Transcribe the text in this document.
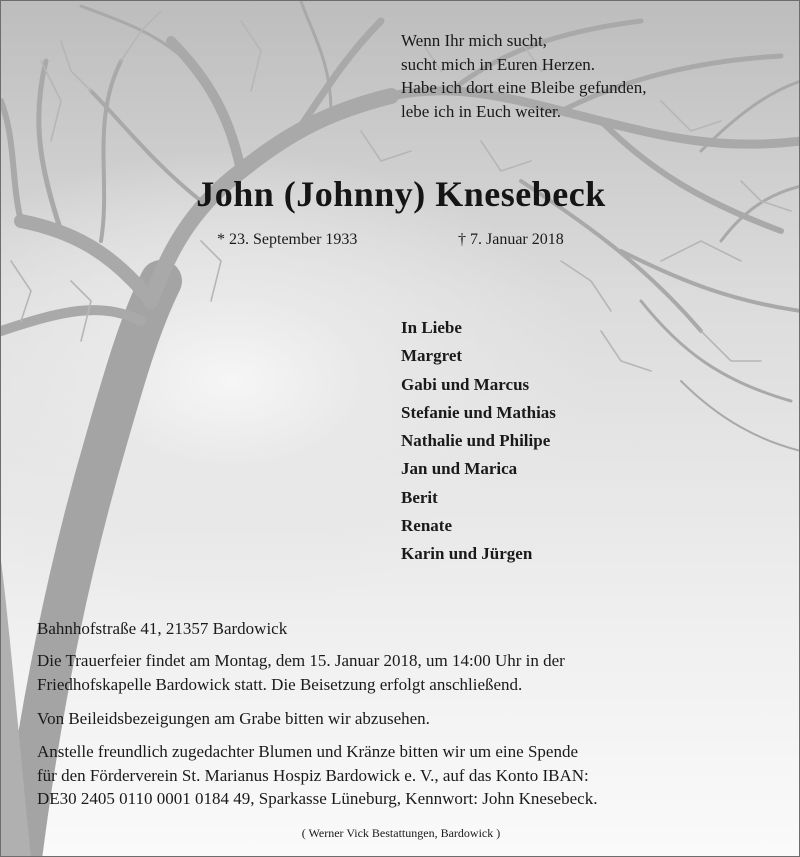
Wenn Ihr mich sucht,
sucht mich in Euren Herzen.
Habe ich dort eine Bleibe gefunden,
lebe ich in Euch weiter.
John (Johnny) Knesebeck
* 23. September 1933	† 7. Januar 2018
In Liebe
Margret
Gabi und Marcus
Stefanie und Mathias
Nathalie und Philipe
Jan und Marica
Berit
Renate
Karin und Jürgen
Bahnhofstraße 41, 21357 Bardowick
Die Trauerfeier findet am Montag, dem 15. Januar 2018, um 14:00 Uhr in der
Friedhofskapelle Bardowick statt. Die Beisetzung erfolgt anschließend.
Von Beileidsbezeigungen am Grabe bitten wir abzusehen.
Anstelle freundlich zugedachter Blumen und Kränze bitten wir um eine Spende
für den Förderverein St. Marianus Hospiz Bardowick e. V., auf das Konto IBAN:
DE30 2405 0110 0001 0184 49, Sparkasse Lüneburg, Kennwort: John Knesebeck.
( Werner Vick Bestattungen, Bardowick )
